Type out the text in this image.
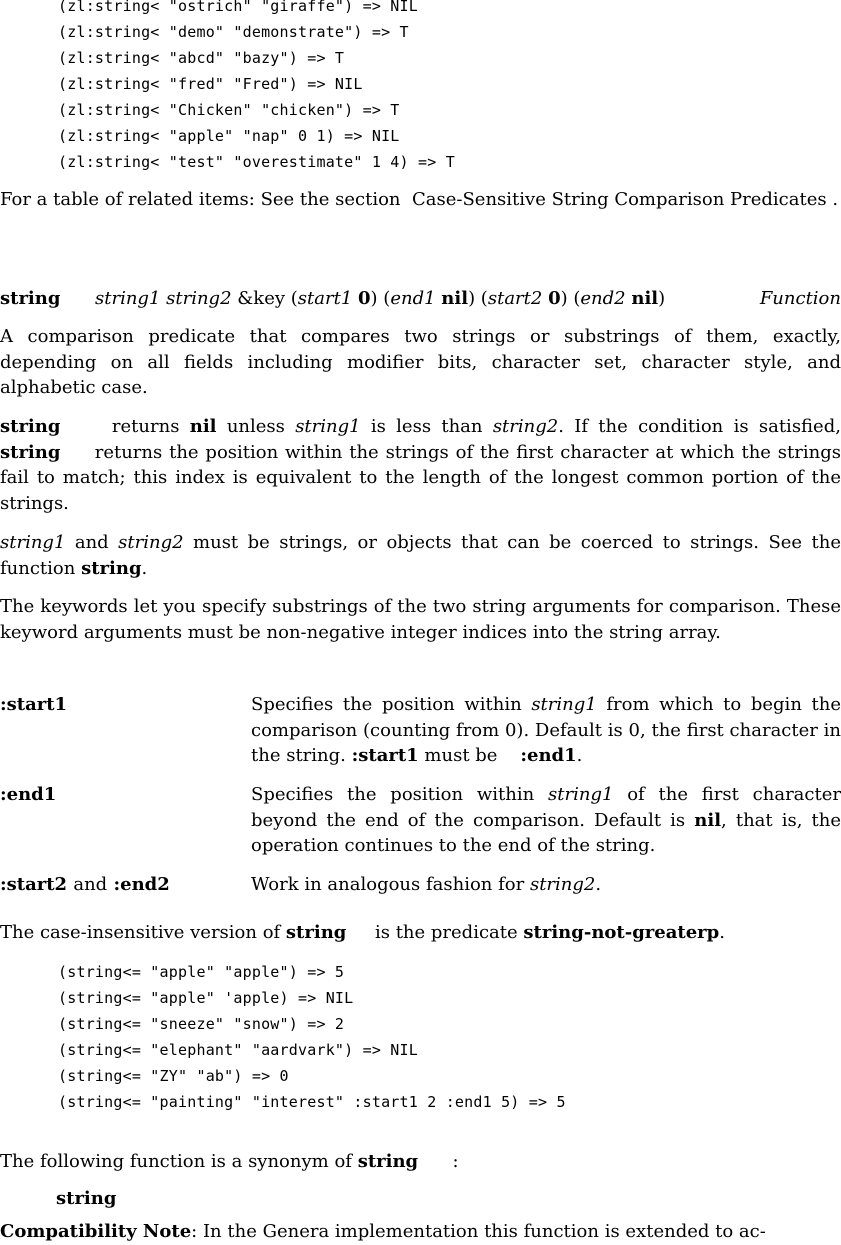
(zl:string< "ostrich" "giraffe") => NIL
(zl:string< "demo" "demonstrate") => T
(zl:string< "abcd" "bazy") => T
(zl:string< "fred" "Fred") => NIL
(zl:string< "Chicken" "chicken") => T
(zl:string< "apple" "nap" 0 1) => NIL
(zl:string< "test" "overestimate" 1 4) => T
For a table of related items: See the section Case-Sensitive String Comparison Predicates .
string string1 string2 &key (start1 0) (end1 nil) (start2 0) (end2 nil)	Function
A comparison predicate that compares two strings or substrings of them, exactly, depending on all fields including modifier bits, character set, character style, and alphabetic case.
string	returns nil unless string1 is less than string2. If the condition is satisfied, string returns the position within the strings of the first character at which the strings fail to match; this index is equivalent to the length of the longest common portion of the strings.
string1 and string2 must be strings, or objects that can be coerced to strings. See the function string.
The keywords let you specify substrings of the two string arguments for comparison. These keyword arguments must be non-negative integer indices into the string array.
:start1	Specifies the position within string1 from which to begin the comparison (counting from 0). Default is 0, the first character in the string. :start1 must be :end1.
:end1	Specifies the position within string1 of the first character beyond the end of the comparison. Default is nil, that is, the operation continues to the end of the string.
:start2 and :end2	Work in analogous fashion for string2.
The case-insensitive version of string is the predicate string-not-greaterp.
(string<= "apple" "apple") => 5
(string<= "apple" 'apple) => NIL
(string<= "sneeze" "snow") => 2
(string<= "elephant" "aardvark") => NIL
(string<= "ZY" "ab") => 0
(string<= "painting" "interest" :start1 2 :end1 5) => 5
The following function is a synonym of string :
string
Compatibility Note: In the Genera implementation this function is extended to ac-
